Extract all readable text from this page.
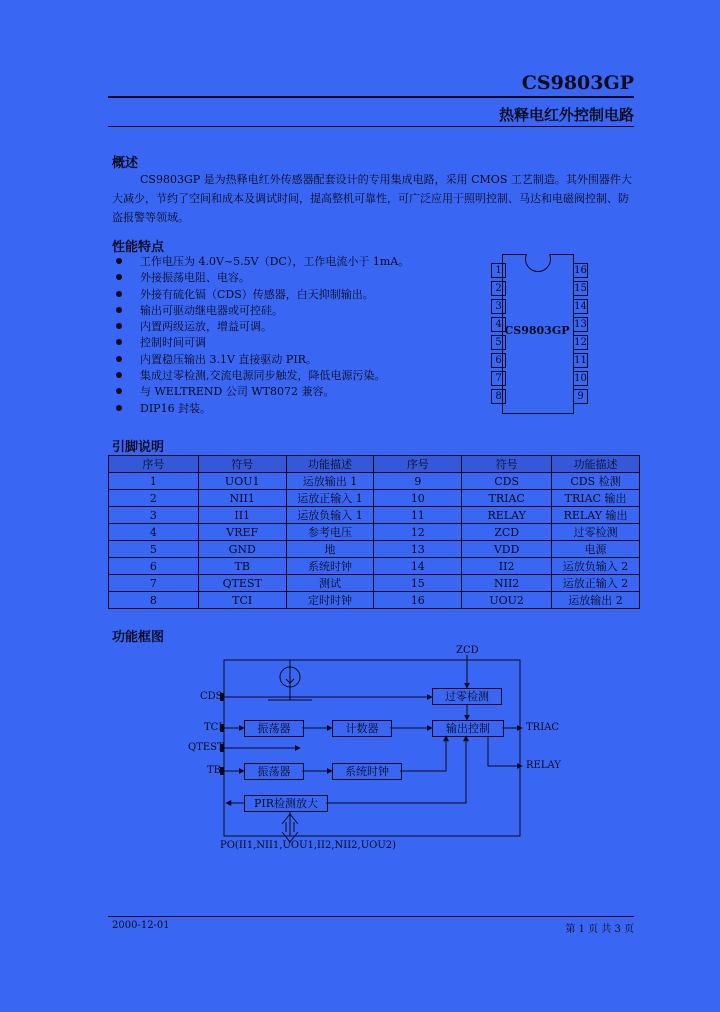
CS9803GP
热释电红外控制电路
概述
CS9803GP 是为热释电红外传感器配套设计的专用集成电路，采用 CMOS 工艺制造。其外围器件大大减少，节约了空间和成本及调试时间，提高整机可靠性，可广泛应用于照明控制、马达和电磁阀控制、防盗报警等领域。
性能特点
工作电压为 4.0V~5.5V（DC），工作电流小于 1mA。
外接振荡电阻、电容。
外接有硫化镉（CDS）传感器，白天抑制输出。
输出可驱动继电器或可控硅。
内置两级运放，增益可调。
控制时间可调
内置稳压输出 3.1V 直接驱动 PIR。
集成过零检测,交流电源同步触发，降低电源污染。
与 WELTREND 公司 WT8072 兼容。
DIP16 封装。
CS9803GP
1
2
3
4
5
6
7
8
16
15
14
13
12
11
10
9
引脚说明
序号	符号	功能描述	序号	符号	功能描述
1	UOU1	运放输出 1	9	CDS	CDS 检测
2	NII1	运放正输入 1	10	TRIAC	TRIAC 输出
3	II1	运放负输入 1	11	RELAY	RELAY 输出
4	VREF	参考电压	12	ZCD	过零检测
5	GND	地	13	VDD	电源
6	TB	系统时钟	14	II2	运放负输入 2
7	QTEST	测试	15	NII2	运放正输入 2
8	TCI	定时时钟	16	UOU2	运放输出 2
功能框图
ZCD
CDS
TCI
QTEST
TB
TRIAC
RELAY
过零检测
振荡器	计数器	输出控制
振荡器	系统时钟
PIR检测放大
PO(II1,NII1,UOU1,II2,NII2,UOU2)
2000-12-01	第 1 页 共 3 页
